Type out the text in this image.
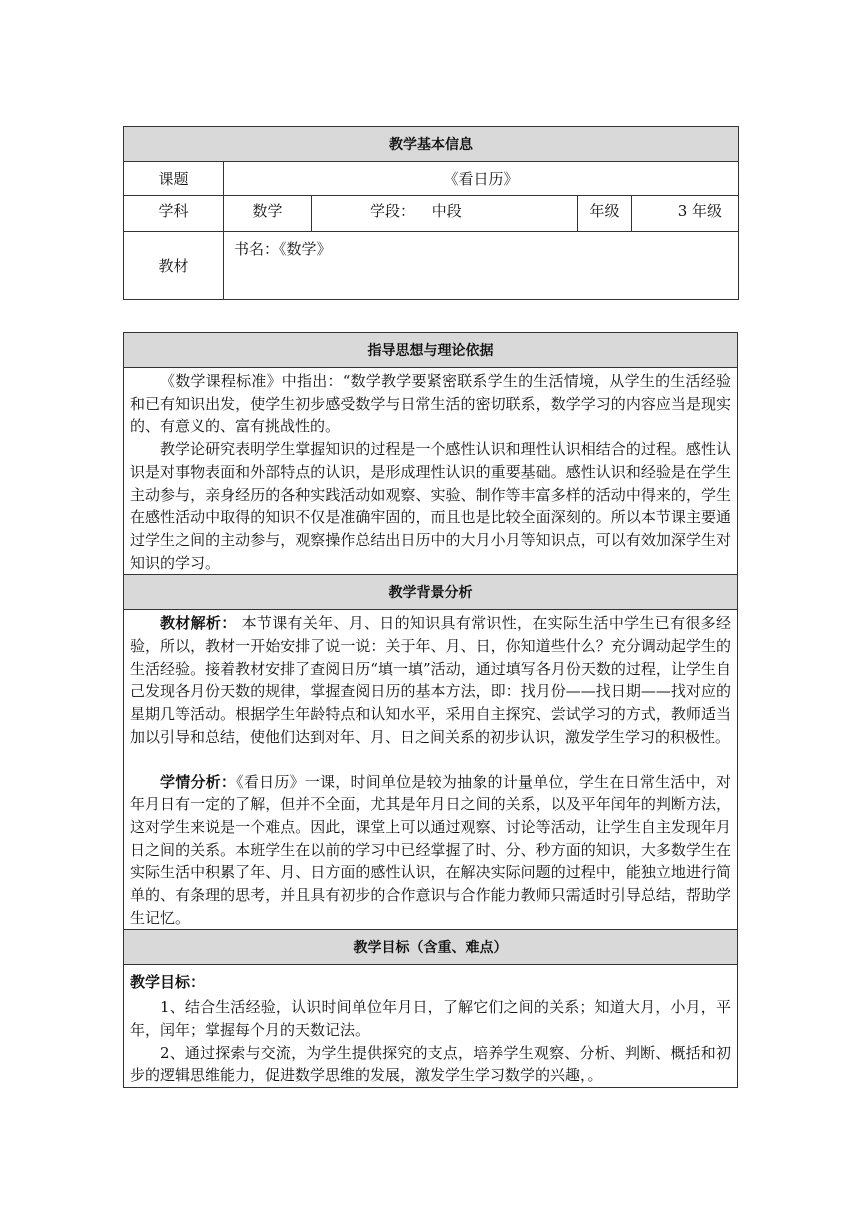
教学基本信息				
课题	《看日历》			
学科	数学	学段： 中段	年级	3 年级
教材	书名：《数学》			
指导思想与理论依据

《数学课程标准》中指出：“数学教学要紧密联系学生的生活情境，从学生的生活经验和已有知识出发，使学生初步感受数学与日常生活的密切联系，数学学习的内容应当是现实的、有意义的、富有挑战性的。

教学论研究表明学生掌握知识的过程是一个感性认识和理性认识相结合的过程。感性认识是对事物表面和外部特点的认识，是形成理性认识的重要基础。感性认识和经验是在学生主动参与，亲身经历的各种实践活动如观察、实验、制作等丰富多样的活动中得来的，学生在感性活动中取得的知识不仅是准确牢固的，而且也是比较全面深刻的。所以本节课主要通过学生之间的主动参与，观察操作总结出日历中的大月小月等知识点，可以有效加深学生对知识的学习。

教学背景分析

教材解析： 本节课有关年、月、日的知识具有常识性，在实际生活中学生已有很多经验，所以，教材一开始安排了说一说：关于年、月、日，你知道些什么？充分调动起学生的生活经验。接着教材安排了查阅日历“填一填”活动，通过填写各月份天数的过程，让学生自己发现各月份天数的规律，掌握查阅日历的基本方法，即：找月份——找日期——找对应的星期几等活动。根据学生年龄特点和认知水平，采用自主探究、尝试学习的方式，教师适当加以引导和总结，使他们达到对年、月、日之间关系的初步认识，激发学生学习的积极性。

学情分析：《看日历》一课，时间单位是较为抽象的计量单位，学生在日常生活中，对年月日有一定的了解，但并不全面，尤其是年月日之间的关系，以及平年闰年的判断方法，这对学生来说是一个难点。因此，课堂上可以通过观察、讨论等活动，让学生自主发现年月日之间的关系。本班学生在以前的学习中已经掌握了时、分、秒方面的知识，大多数学生在实际生活中积累了年、月、日方面的感性认识，在解决实际问题的过程中，能独立地进行简单的、有条理的思考，并且具有初步的合作意识与合作能力教师只需适时引导总结，帮助学生记忆。

教学目标（含重、难点）

教学目标：

1、结合生活经验，认识时间单位年月日，了解它们之间的关系；知道大月，小月，平年，闰年；掌握每个月的天数记法。

2、通过探索与交流，为学生提供探究的支点，培养学生观察、分析、判断、概括和初步的逻辑思维能力，促进数学思维的发展，激发学生学习数学的兴趣，。
